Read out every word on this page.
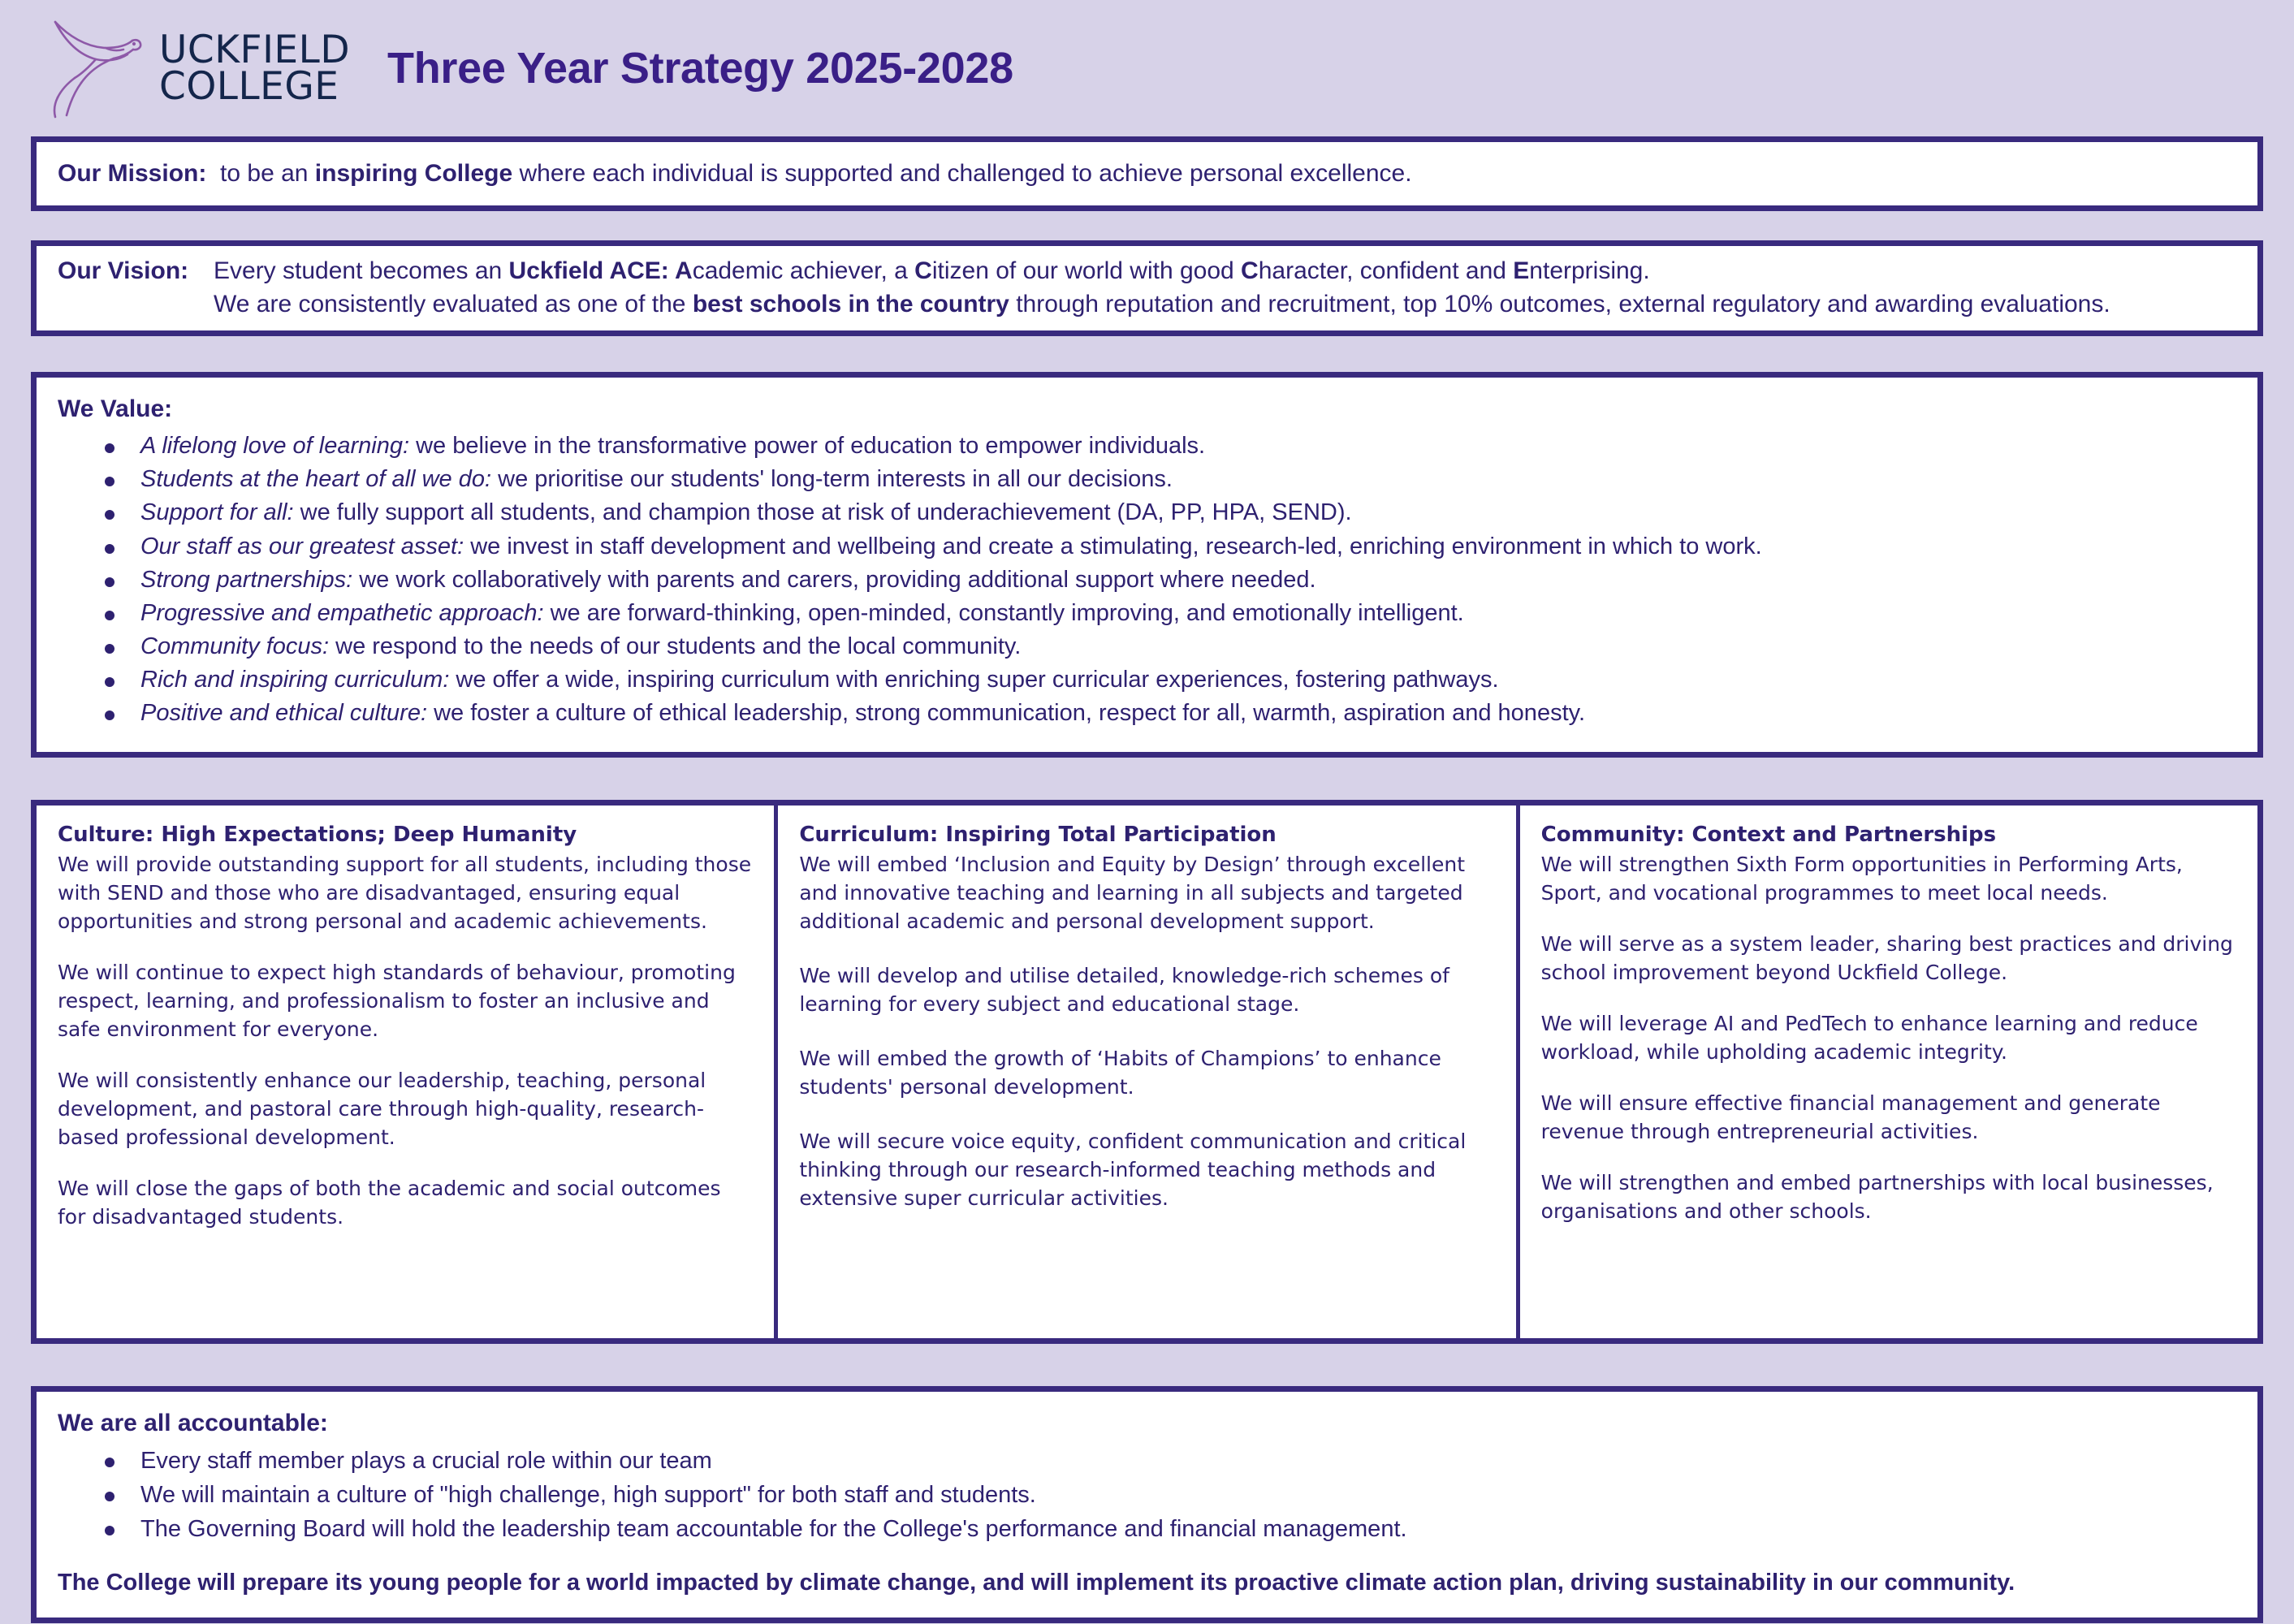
UCKFIELD
COLLEGE Three Year Strategy 2025-2028
Our Mission: to be an inspiring College where each individual is supported and challenged to achieve personal excellence.
Our Vision:	Every student becomes an Uckfield ACE: Academic achiever, a Citizen of our world with good Character, confident and Enterprising.
We are consistently evaluated as one of the best schools in the country through reputation and recruitment, top 10% outcomes, external regulatory and awarding evaluations.
We Value:
A lifelong love of learning: we believe in the transformative power of education to empower individuals.
Students at the heart of all we do: we prioritise our students' long-term interests in all our decisions.
Support for all: we fully support all students, and champion those at risk of underachievement (DA, PP, HPA, SEND).
Our staff as our greatest asset: we invest in staff development and wellbeing and create a stimulating, research-led, enriching environment in which to work.
Strong partnerships: we work collaboratively with parents and carers, providing additional support where needed.
Progressive and empathetic approach: we are forward-thinking, open-minded, constantly improving, and emotionally intelligent.
Community focus: we respond to the needs of our students and the local community.
Rich and inspiring curriculum: we offer a wide, inspiring curriculum with enriching super curricular experiences, fostering pathways.
Positive and ethical culture: we foster a culture of ethical leadership, strong communication, respect for all, warmth, aspiration and honesty.
Culture: High Expectations; Deep Humanity

We will provide outstanding support for all students, including those with SEND and those who are disadvantaged, ensuring equal opportunities and strong personal and academic achievements.

We will continue to expect high standards of behaviour, promoting respect, learning, and professionalism to foster an inclusive and safe environment for everyone.

We will consistently enhance our leadership, teaching, personal development, and pastoral care through high-quality, research-based professional development.

We will close the gaps of both the academic and social outcomes for disadvantaged students.

Curriculum: Inspiring Total Participation

We will embed ‘Inclusion and Equity by Design’ through excellent and innovative teaching and learning in all subjects and targeted additional academic and personal development support.

We will develop and utilise detailed, knowledge-rich schemes of learning for every subject and educational stage.

We will embed the growth of ‘Habits of Champions’ to enhance students' personal development.

We will secure voice equity, confident communication and critical thinking through our research-informed teaching methods and extensive super curricular activities.

Community: Context and Partnerships

We will strengthen Sixth Form opportunities in Performing Arts, Sport, and vocational programmes to meet local needs.

We will serve as a system leader, sharing best practices and driving school improvement beyond Uckfield College.

We will leverage AI and PedTech to enhance learning and reduce workload, while upholding academic integrity.

We will ensure effective financial management and generate revenue through entrepreneurial activities.

We will strengthen and embed partnerships with local businesses, organisations and other schools.

We are all accountable:
Every staff member plays a crucial role within our team
We will maintain a culture of "high challenge, high support" for both staff and students.
The Governing Board will hold the leadership team accountable for the College's performance and financial management.
The College will prepare its young people for a world impacted by climate change, and will implement its proactive climate action plan, driving sustainability in our community.
